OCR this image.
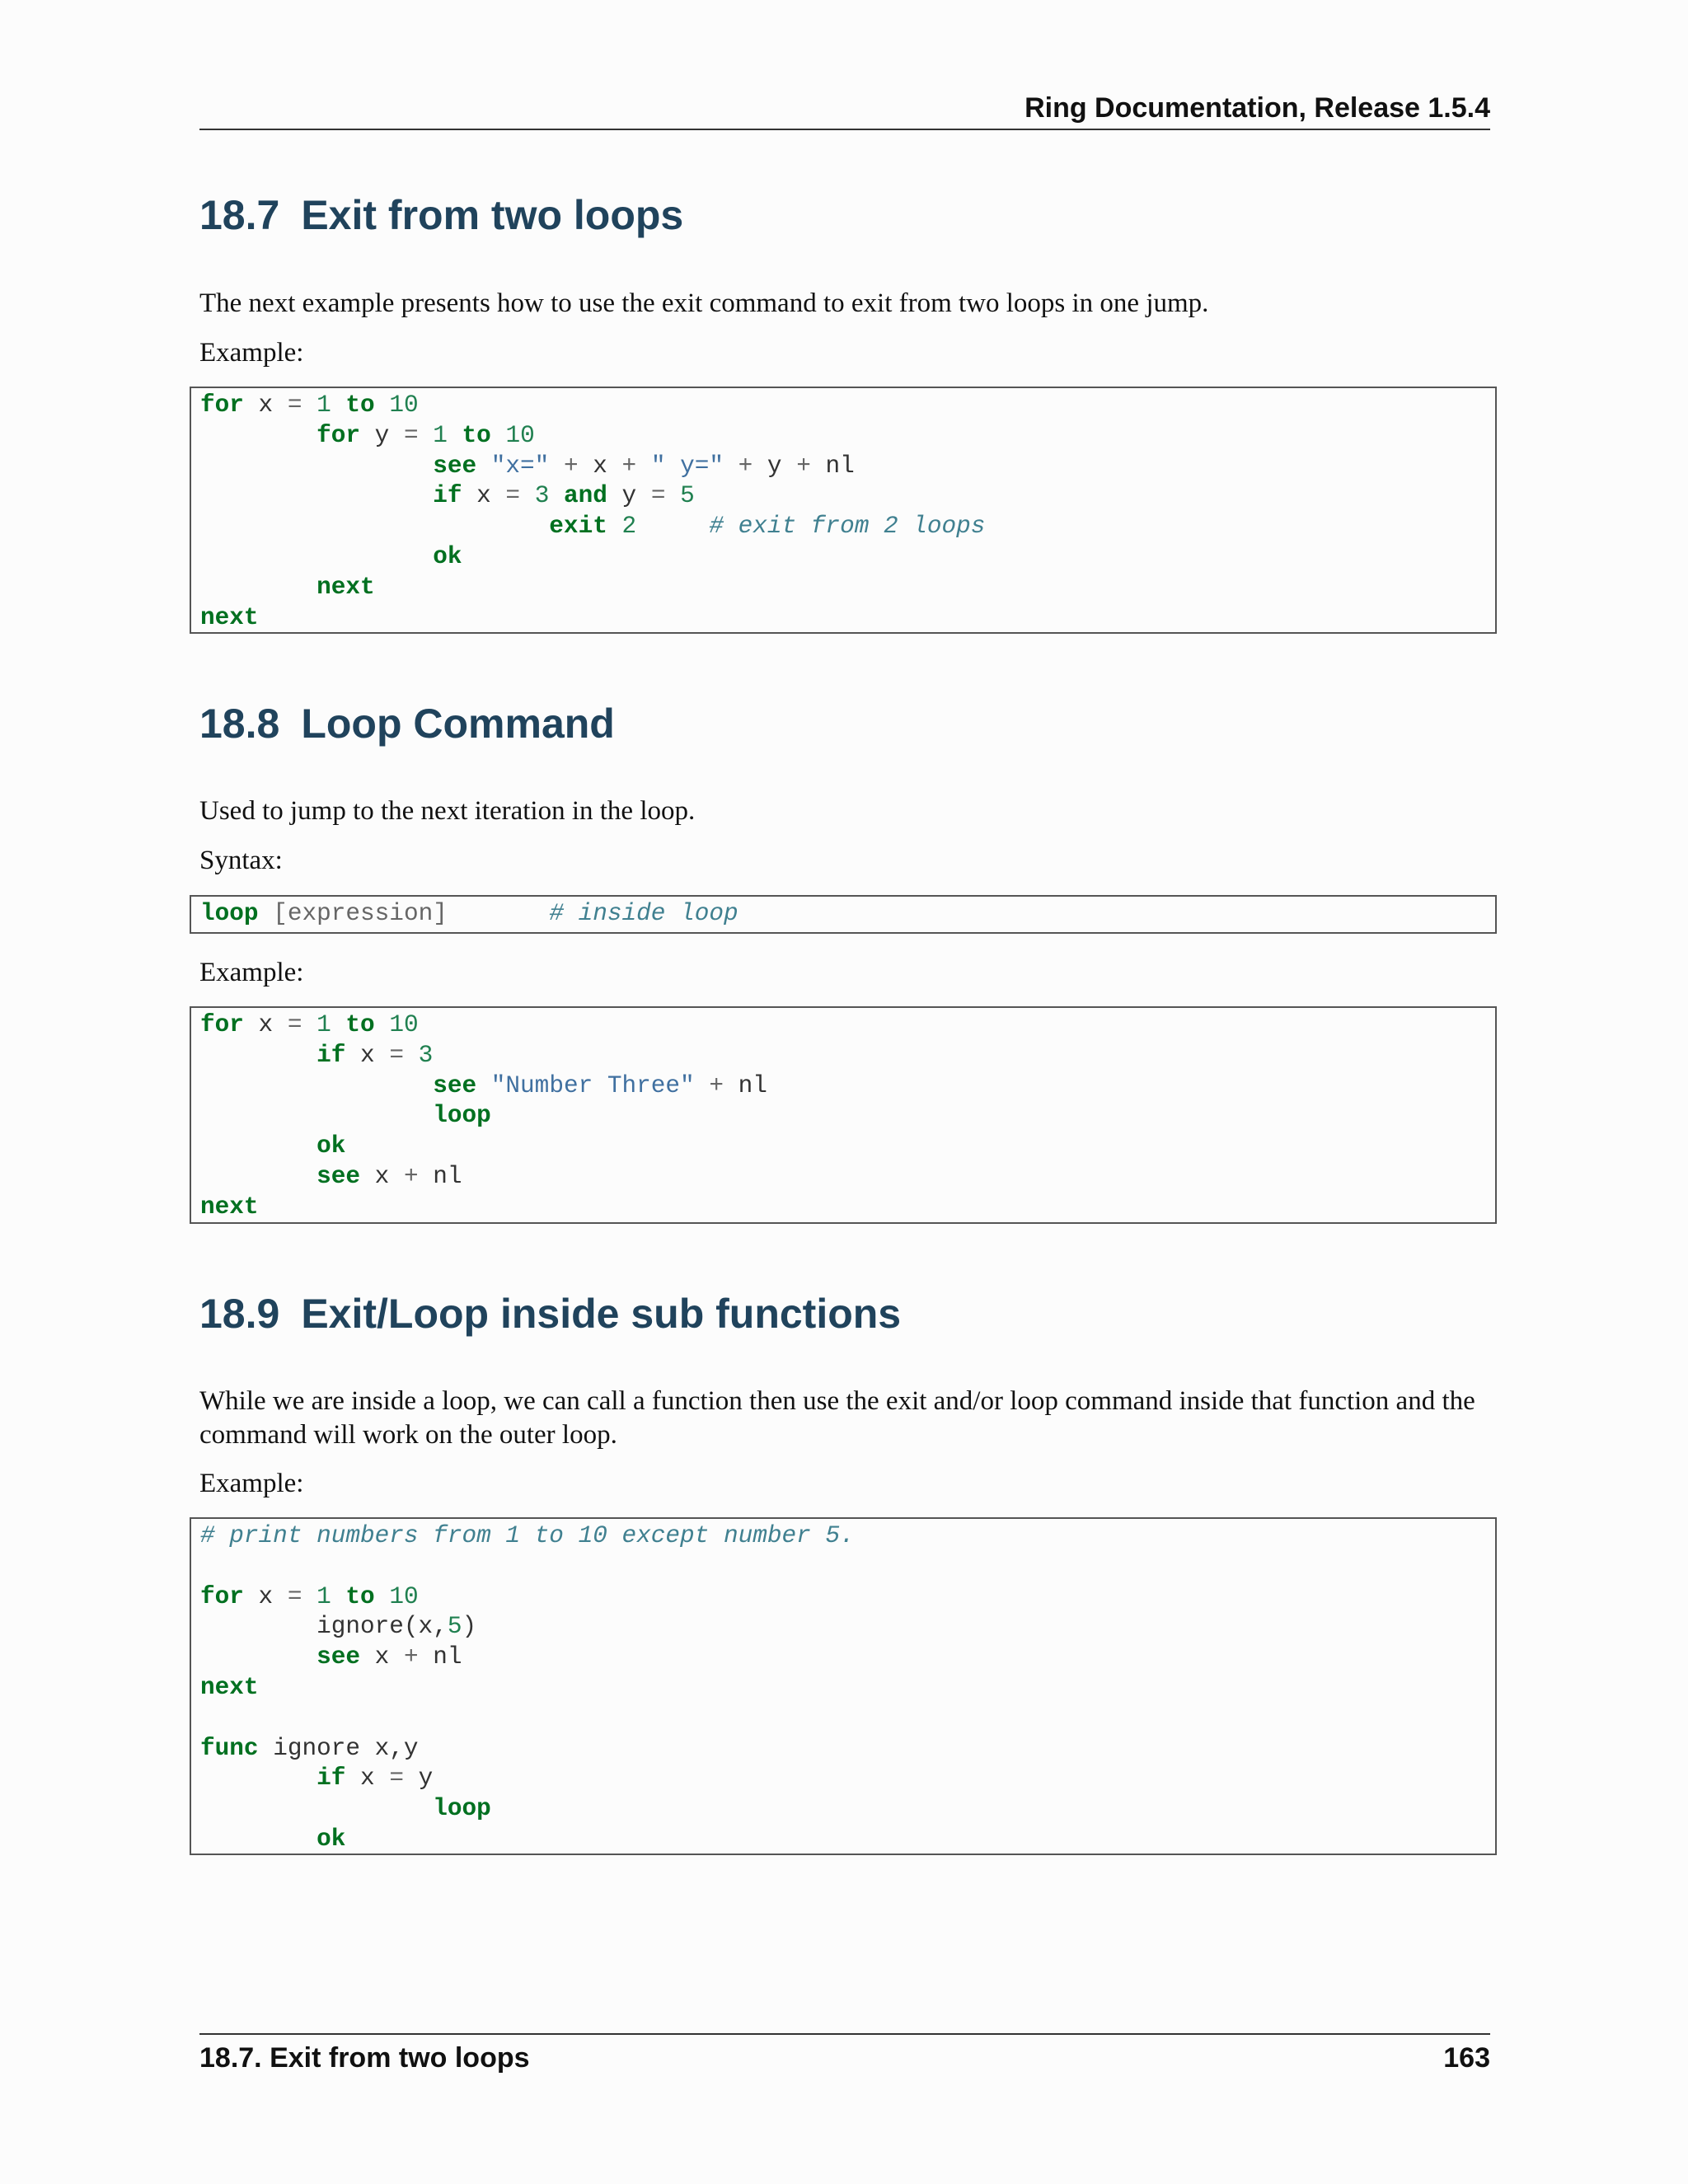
Ring Documentation, Release 1.5.4
18.7 Exit from two loops

The next example presents how to use the exit command to exit from two loops in one jump.

Example:

for x = 1 to 10
for y = 1 to 10
see "x=" + x + " y=" + y + nl
if x = 3 and y = 5
exit 2	# exit from 2 loops
ok
next
next
18.8 Loop Command

Used to jump to the next iteration in the loop.

Syntax:

loop [expression]	# inside loop

Example:

for x = 1 to 10
if x = 3
see "Number Three" + nl
loop
ok
see x + nl
next
18.9 Exit/Loop inside sub functions

While we are inside a loop, we can call a function then use the exit and/or loop command inside that function and the command will work on the outer loop.

Example:

# print numbers from 1 to 10 except number 5.

for x = 1 to 10
ignore(x,5)
see x + nl
next

func ignore x,y
if x = y
loop
ok
18.7. Exit from two loops	163
